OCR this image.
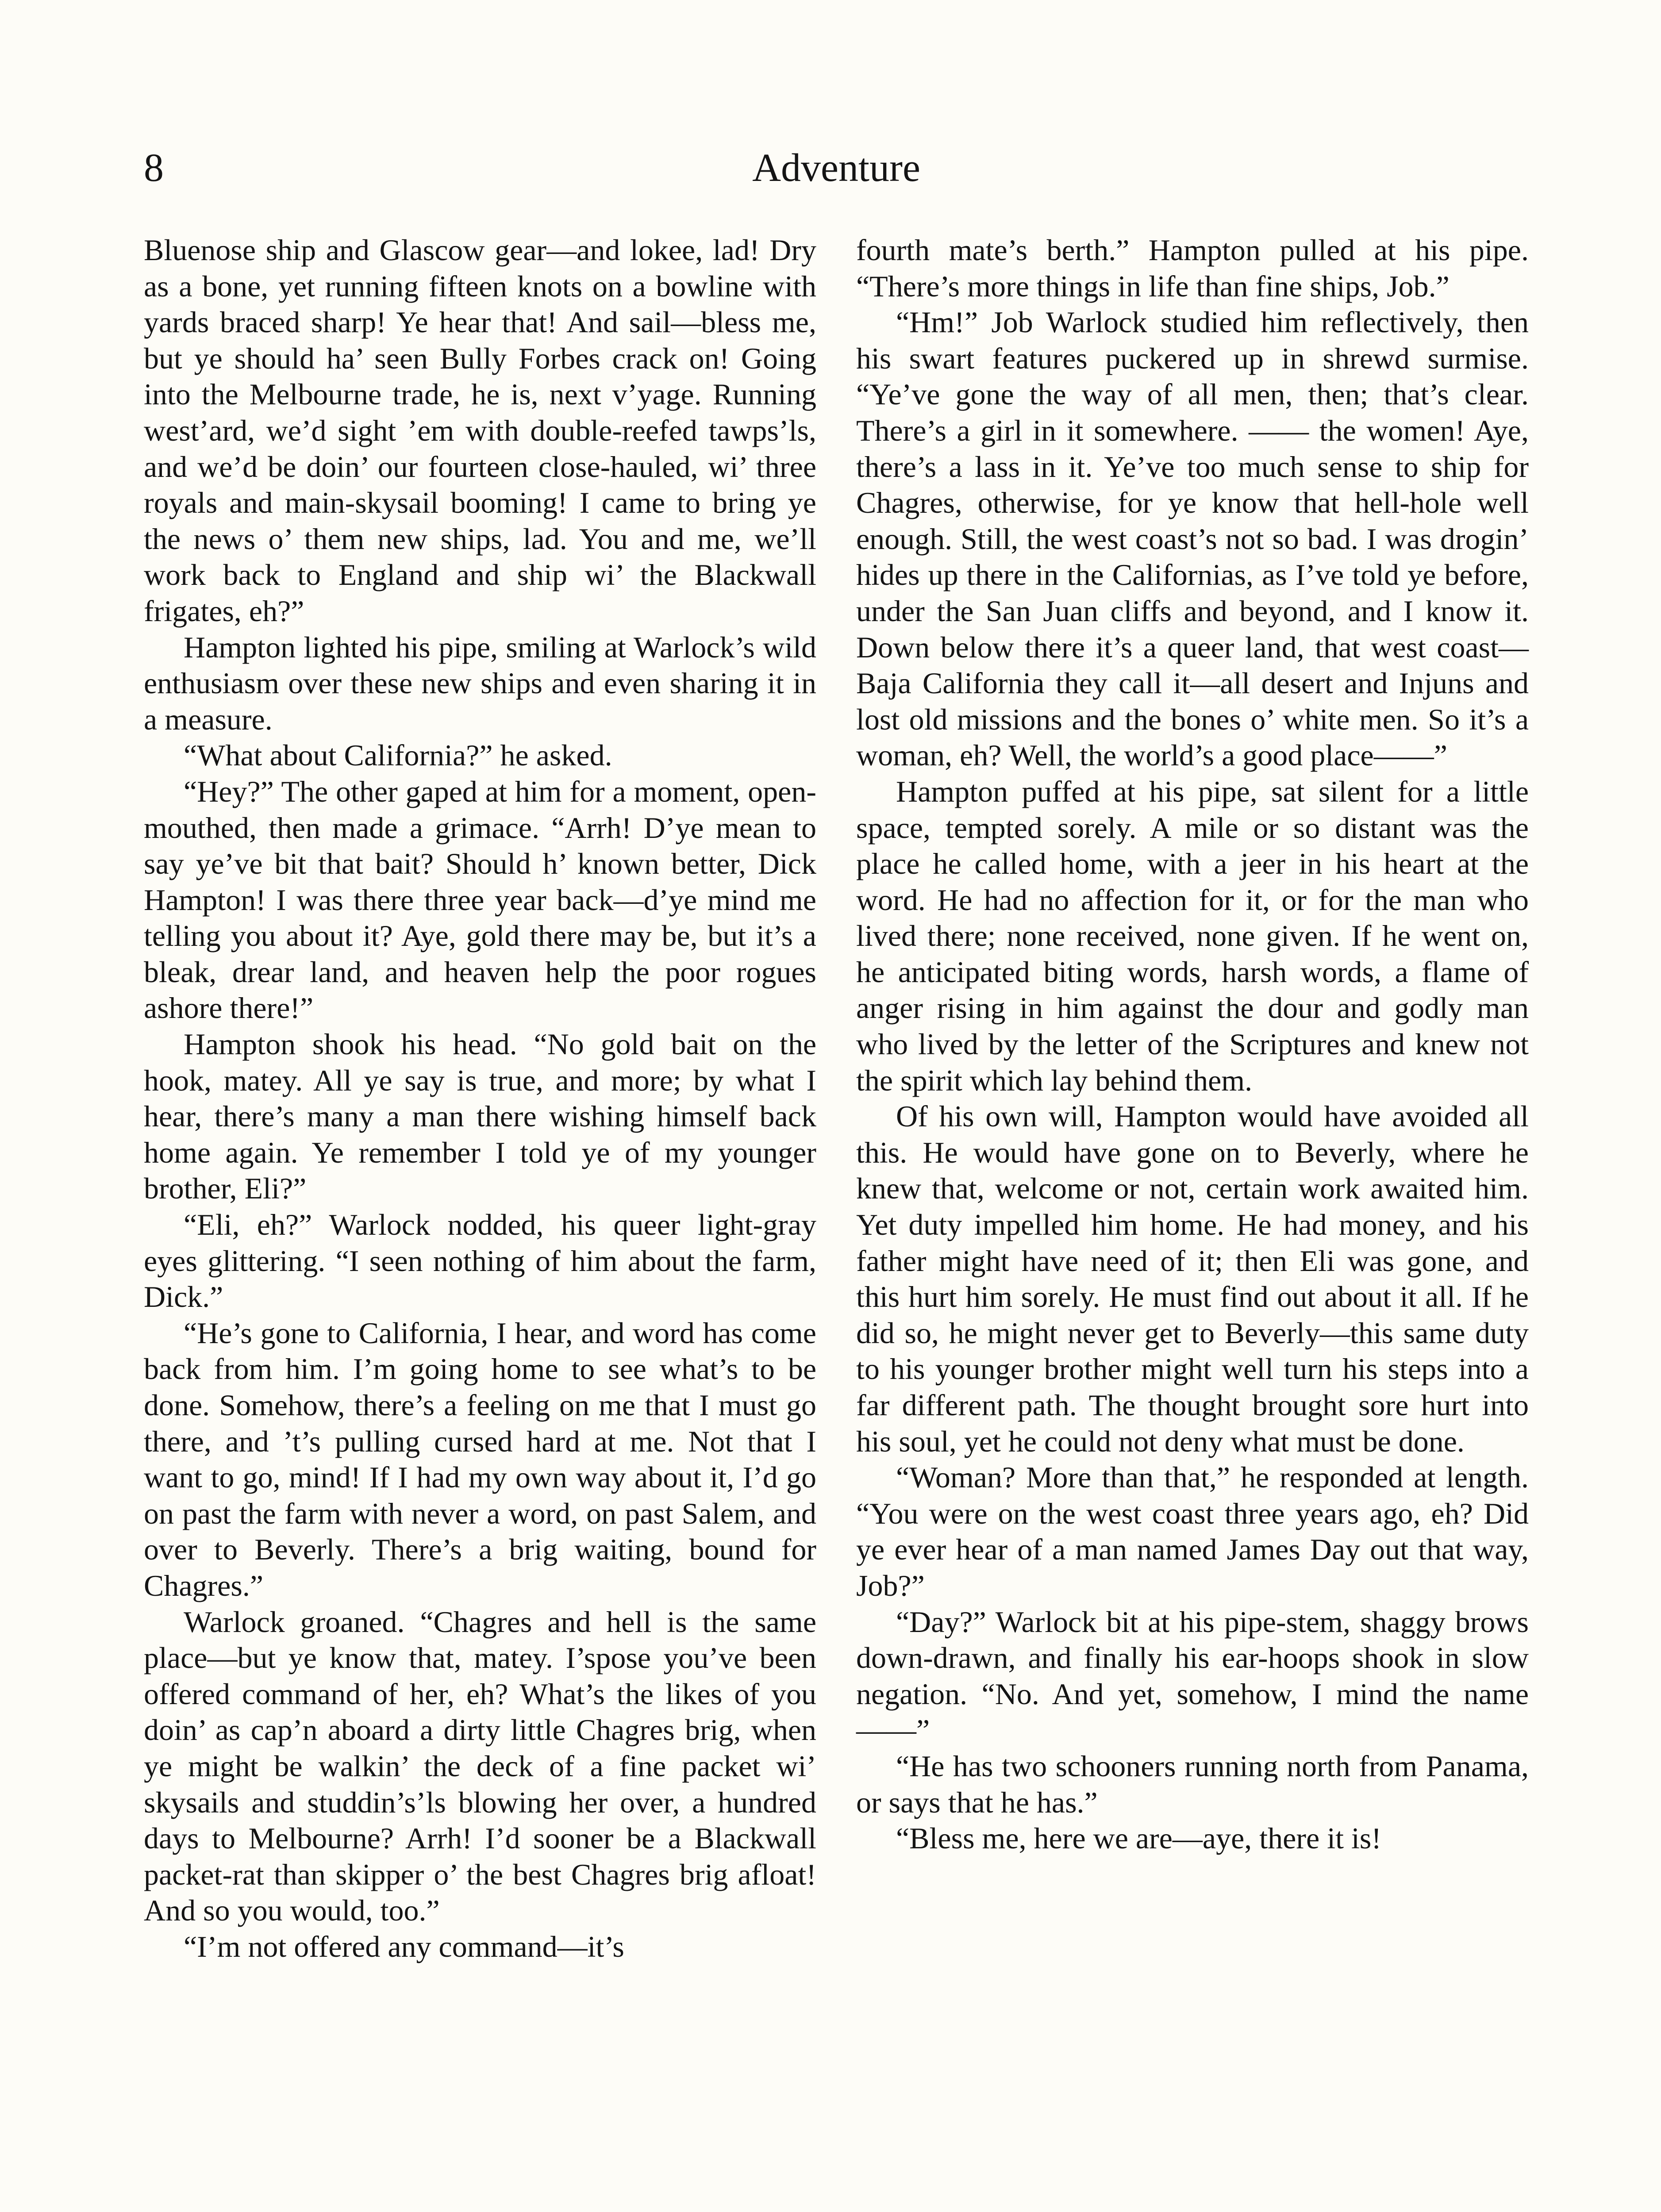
8	Adventure

Bluenose ship and Glascow gear—and lokee, lad! Dry as a bone, yet running fifteen knots on a bowline with yards braced sharp! Ye hear that! And sail—bless me, but ye should ha’ seen Bully Forbes crack on! Going into the Melbourne trade, he is, next v’yage. Running west’ard, we’d sight ’em with double-reefed tawps’ls, and we’d be doin’ our fourteen close-hauled, wi’ three royals and main-skysail booming! I came to bring ye the news o’ them new ships, lad. You and me, we’ll work back to England and ship wi’ the Blackwall frigates, eh?”

Hampton lighted his pipe, smiling at Warlock’s wild enthusiasm over these new ships and even sharing it in a measure.

“What about California?” he asked.

“Hey?” The other gaped at him for a moment, open-mouthed, then made a grimace. “Arrh! D’ye mean to say ye’ve bit that bait? Should h’ known better, Dick Hampton! I was there three year back—d’ye mind me telling you about it? Aye, gold there may be, but it’s a bleak, drear land, and heaven help the poor rogues ashore there!”

Hampton shook his head. “No gold bait on the hook, matey. All ye say is true, and more; by what I hear, there’s many a man there wishing himself back home again. Ye remember I told ye of my younger brother, Eli?”

“Eli, eh?” Warlock nodded, his queer light-gray eyes glittering. “I seen nothing of him about the farm, Dick.”

“He’s gone to California, I hear, and word has come back from him. I’m going home to see what’s to be done. Somehow, there’s a feeling on me that I must go there, and ’t’s pulling cursed hard at me. Not that I want to go, mind! If I had my own way about it, I’d go on past the farm with never a word, on past Salem, and over to Beverly. There’s a brig waiting, bound for Chagres.”

Warlock groaned. “Chagres and hell is the same place—but ye know that, matey. I’spose you’ve been offered command of her, eh? What’s the likes of you doin’ as cap’n aboard a dirty little Chagres brig, when ye might be walkin’ the deck of a fine packet wi’ skysails and studdin’s’ls blowing her over, a hundred days to Melbourne? Arrh! I’d sooner be a Blackwall packet-rat than skipper o’ the best Chagres brig afloat! And so you would, too.”

“I’m not offered any command—it’s

fourth mate’s berth.” Hampton pulled at his pipe. “There’s more things in life than fine ships, Job.”

“Hm!” Job Warlock studied him reflectively, then his swart features puckered up in shrewd surmise. “Ye’ve gone the way of all men, then; that’s clear. There’s a girl in it somewhere. —— the women! Aye, there’s a lass in it. Ye’ve too much sense to ship for Chagres, otherwise, for ye know that hell-hole well enough. Still, the west coast’s not so bad. I was drogin’ hides up there in the Californias, as I’ve told ye before, under the San Juan cliffs and beyond, and I know it. Down below there it’s a queer land, that west coast—Baja California they call it—all desert and Injuns and lost old missions and the bones o’ white men. So it’s a woman, eh? Well, the world’s a good place——”

Hampton puffed at his pipe, sat silent for a little space, tempted sorely. A mile or so distant was the place he called home, with a jeer in his heart at the word. He had no affection for it, or for the man who lived there; none received, none given. If he went on, he anticipated biting words, harsh words, a flame of anger rising in him against the dour and godly man who lived by the letter of the Scriptures and knew not the spirit which lay behind them.

Of his own will, Hampton would have avoided all this. He would have gone on to Beverly, where he knew that, welcome or not, certain work awaited him. Yet duty impelled him home. He had money, and his father might have need of it; then Eli was gone, and this hurt him sorely. He must find out about it all. If he did so, he might never get to Beverly—this same duty to his younger brother might well turn his steps into a far different path. The thought brought sore hurt into his soul, yet he could not deny what must be done.

“Woman? More than that,” he responded at length. “You were on the west coast three years ago, eh? Did ye ever hear of a man named James Day out that way, Job?”

“Day?” Warlock bit at his pipe-stem, shaggy brows down-drawn, and finally his ear-hoops shook in slow negation. “No. And yet, somehow, I mind the name ——”

“He has two schooners running north from Panama, or says that he has.”

“Bless me, here we are—aye, there it is!
